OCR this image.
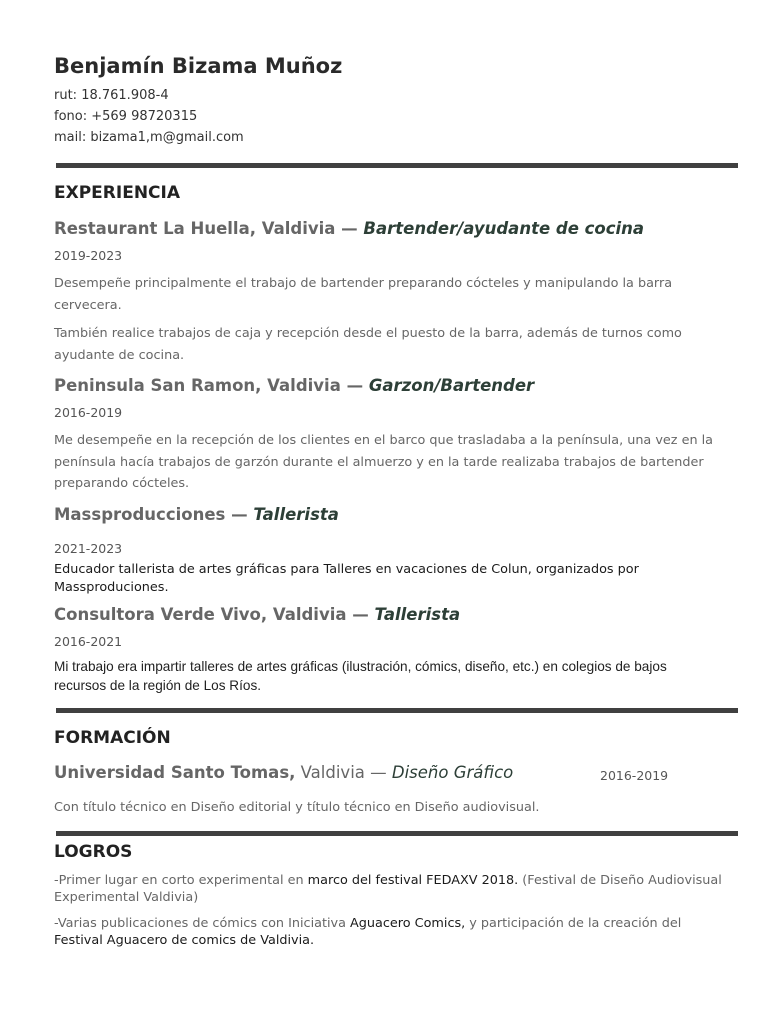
Benjamín Bizama Muñoz
rut: 18.761.908-4
fono: +569 98720315
mail: bizama1,m@gmail.com
EXPERIENCIA
Restaurant La Huella, Valdivia — Bartender/ayudante de cocina
2019-2023
Desempeñe principalmente el trabajo de bartender preparando cócteles y manipulando la barra cervecera.
También realice trabajos de caja y recepción desde el puesto de la barra, además de turnos como ayudante de cocina.
Peninsula San Ramon, Valdivia — Garzon/Bartender
2016-2019
Me desempeñe en la recepción de los clientes en el barco que trasladaba a la península, una vez en la península hacía trabajos de garzón durante el almuerzo y en la tarde realizaba trabajos de bartender preparando cócteles.
Massproducciones — Tallerista
2021-2023
Educador tallerista de artes gráficas para Talleres en vacaciones de Colun, organizados por Massproduciones.
Consultora Verde Vivo, Valdivia — Tallerista
2016-2021
Mi trabajo era impartir talleres de artes gráficas (ilustración, cómics, diseño, etc.) en colegios de bajos recursos de la región de Los Ríos.
FORMACIÓN
Universidad Santo Tomas, Valdivia — Diseño Gráfico	2016-2019
Con título técnico en Diseño editorial y título técnico en Diseño audiovisual.
LOGROS
-Primer lugar en corto experimental en marco del festival FEDAXV 2018. (Festival de Diseño Audiovisual Experimental Valdivia)
-Varias publicaciones de cómics con Iniciativa Aguacero Comics, y participación de la creación del Festival Aguacero de comics de Valdivia.
